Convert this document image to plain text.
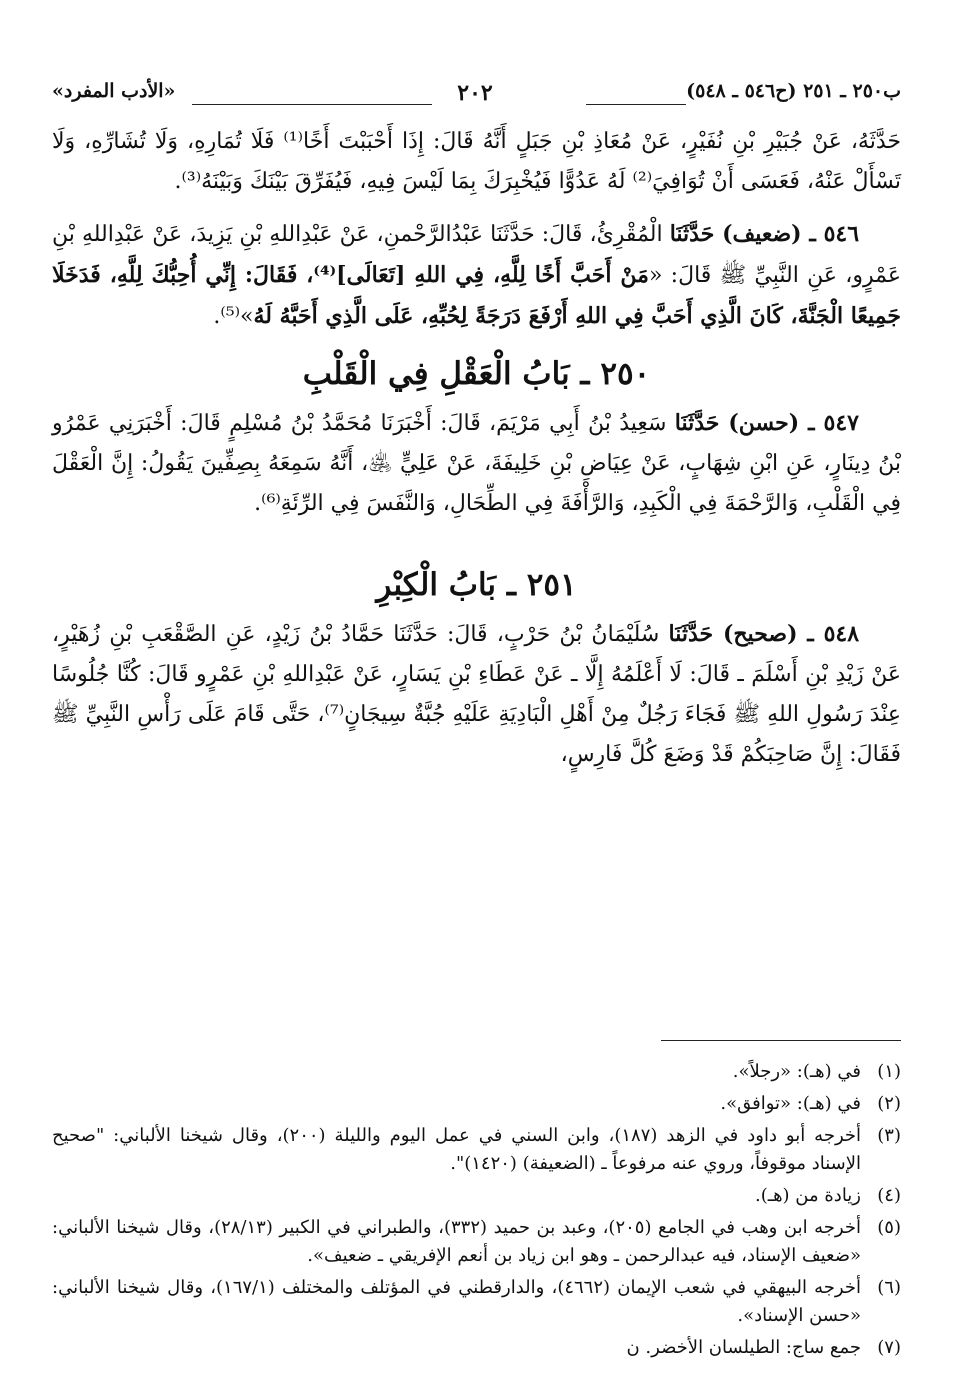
ب٢٥٠ ـ ٢٥١ (ح٥٤٦ ـ ٥٤٨)
٢٠٢
«الأدب المفرد»

حَدَّثَهُ، عَنْ جُبَيْرِ بْنِ نُفَيْرٍ، عَنْ مُعَاذِ بْنِ جَبَلٍ أَنَّهُ قَالَ: إِذَا أَحْبَبْتَ أَخًا⁽¹⁾ فَلَا تُمَارِهِ، وَلَا تُشَارِّهِ، وَلَا تَسْأَلْ عَنْهُ، فَعَسَى أَنْ تُوَافِيَ⁽²⁾ لَهُ عَدُوًّا فَيُخْبِرَكَ بِمَا لَيْسَ فِيهِ، فَيُفَرِّقَ بَيْنَكَ وَبَيْنَهُ⁽³⁾.

٥٤٦ ـ (ضعيف) حَدَّثَنَا الْمُقْرِئُ، قَالَ: حَدَّثَنَا عَبْدُالرَّحْمنِ، عَنْ عَبْدِاللهِ بْنِ يَزِيدَ، عَنْ عَبْدِاللهِ بْنِ عَمْرٍو، عَنِ النَّبِيِّ ﷺ قَالَ: «مَنْ أَحَبَّ أَخًا لِلَّهِ، فِي اللهِ [تَعَالَى]⁽⁴⁾، فَقَالَ: إِنِّي أُحِبُّكَ لِلَّهِ، فَدَخَلَا جَمِيعًا الْجَنَّةَ، كَانَ الَّذِي أَحَبَّ فِي اللهِ أَرْفَعَ دَرَجَةً لِحُبِّهِ، عَلَى الَّذِي أَحَبَّهُ لَهُ»⁽⁵⁾.

٢٥٠ ـ بَابُ الْعَقْلِ فِي الْقَلْبِ

٥٤٧ ـ (حسن) حَدَّثَنَا سَعِيدُ بْنُ أَبِي مَرْيَمَ، قَالَ: أَخْبَرَنَا مُحَمَّدُ بْنُ مُسْلِمٍ قَالَ: أَخْبَرَنِي عَمْرُو بْنُ دِينَارٍ، عَنِ ابْنِ شِهَابٍ، عَنْ عِيَاضِ بْنِ خَلِيفَةَ، عَنْ عَلِيٍّ ﵁، أَنَّهُ سَمِعَهُ بِصِفِّينَ يَقُولُ: إِنَّ الْعَقْلَ فِي الْقَلْبِ، وَالرَّحْمَةَ فِي الْكَبِدِ، وَالرَّأْفَةَ فِي الطِّحَالِ، وَالنَّفَسَ فِي الرِّئَةِ⁽⁶⁾.

٢٥١ ـ بَابُ الْكِبْرِ

٥٤٨ ـ (صحيح) حَدَّثَنَا سُلَيْمَانُ بْنُ حَرْبٍ، قَالَ: حَدَّثَنَا حَمَّادُ بْنُ زَيْدٍ، عَنِ الصَّقْعَبِ بْنِ زُهَيْرٍ، عَنْ زَيْدِ بْنِ أَسْلَمَ ـ قَالَ: لَا أَعْلَمُهُ إِلَّا ـ عَنْ عَطَاءِ بْنِ يَسَارٍ، عَنْ عَبْدِاللهِ بْنِ عَمْرٍو قَالَ: كُنَّا جُلُوسًا عِنْدَ رَسُولِ اللهِ ﷺ فَجَاءَ رَجُلٌ مِنْ أَهْلِ الْبَادِيَةِ عَلَيْهِ جُبَّةٌ سِيجَانٍ⁽⁷⁾، حَتَّى قَامَ عَلَى رَأْسِ النَّبِيِّ ﷺ فَقَالَ: إِنَّ صَاحِبَكُمْ قَدْ وَضَعَ كُلَّ فَارِسٍ،

(١)
في (هـ): «رجلاً».
(٢)
في (هـ): «توافق».
(٣)
أخرجه أبو داود في الزهد (١٨٧)، وابن السني في عمل اليوم والليلة (٢٠٠)، وقال شيخنا الألباني: "صحيح الإسناد موقوفاً، وروي عنه مرفوعاً ـ (الضعيفة) (١٤٢٠)".
(٤)
زيادة من (هـ).
(٥)
أخرجه ابن وهب في الجامع (٢٠٥)، وعبد بن حميد (٣٣٢)، والطبراني في الكبير (٢٨/١٣)، وقال شيخنا الألباني: «ضعيف الإسناد، فيه عبدالرحمن ـ وهو ابن زياد بن أنعم الإفريقي ـ ضعيف».
(٦)
أخرجه البيهقي في شعب الإيمان (٤٦٦٢)، والدارقطني في المؤتلف والمختلف (١٦٧/١)، وقال شيخنا الألباني: «حسن الإسناد».
(٧)
جمع ساج: الطيلسان الأخضر. ن
